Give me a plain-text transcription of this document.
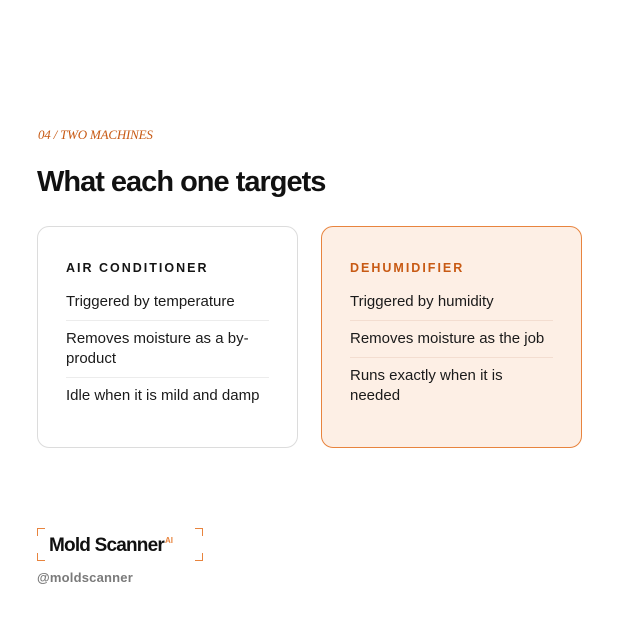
04 / TWO MACHINES
What each one targets
AIR CONDITIONER
Triggered by temperature
Removes moisture as a by-product
Idle when it is mild and damp
DEHUMIDIFIER
Triggered by humidity
Removes moisture as the job
Runs exactly when it is needed
Mold Scanner$^{AI}$
@moldscanner
